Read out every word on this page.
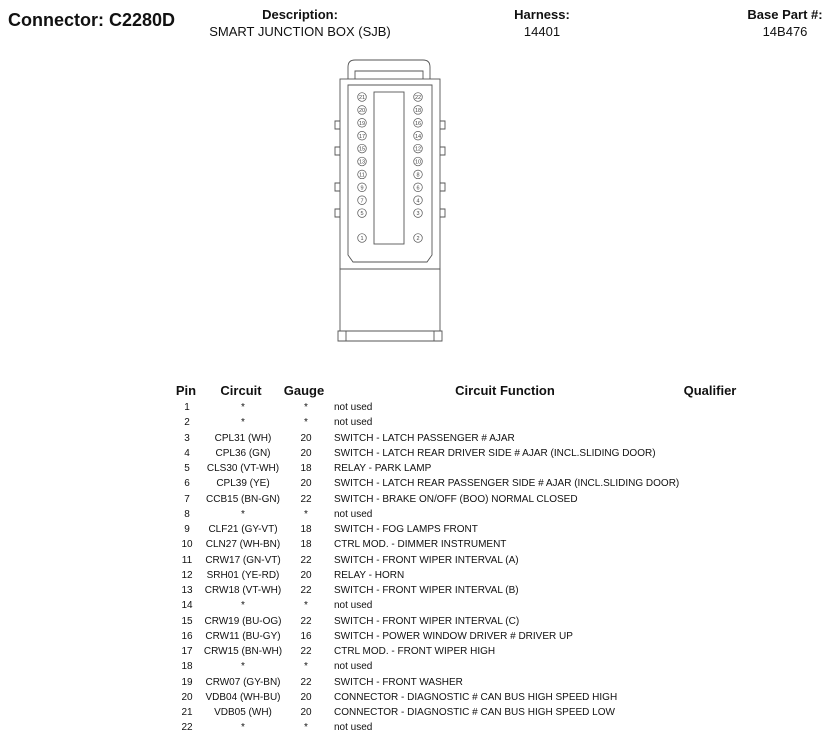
Connector: C2280D	Description:
SMART JUNCTION BOX (SJB)
Harness:
14401
Base Part #:
14B476
21
20
19
17
15
13
11
9
7
5
1
22
18
16
14
12
10
8
6
4
3
2
Pin	Circuit	Gauge	Circuit Function	Qualifier
1	*	*	not used
2	*	*	not used
3	CPL31 (WH)	20	SWITCH - LATCH PASSENGER # AJAR
4	CPL36 (GN)	20	SWITCH - LATCH REAR DRIVER SIDE # AJAR (INCL.SLIDING DOOR)
5	CLS30 (VT-WH)	18	RELAY - PARK LAMP
6	CPL39 (YE)	20	SWITCH - LATCH REAR PASSENGER SIDE # AJAR (INCL.SLIDING DOOR)
7	CCB15 (BN-GN)	22	SWITCH - BRAKE ON/OFF (BOO) NORMAL CLOSED
8	*	*	not used
9	CLF21 (GY-VT)	18	SWITCH - FOG LAMPS FRONT
10	CLN27 (WH-BN)	18	CTRL MOD. - DIMMER INSTRUMENT
11	CRW17 (GN-VT)	22	SWITCH - FRONT WIPER INTERVAL (A)
12	SRH01 (YE-RD)	20	RELAY - HORN
13	CRW18 (VT-WH)	22	SWITCH - FRONT WIPER INTERVAL (B)
14	*	*	not used
15	CRW19 (BU-OG)	22	SWITCH - FRONT WIPER INTERVAL (C)
16	CRW11 (BU-GY)	16	SWITCH - POWER WINDOW DRIVER # DRIVER UP
17	CRW15 (BN-WH)	22	CTRL MOD. - FRONT WIPER HIGH
18	*	*	not used
19	CRW07 (GY-BN)	22	SWITCH - FRONT WASHER
20	VDB04 (WH-BU)	20	CONNECTOR - DIAGNOSTIC # CAN BUS HIGH SPEED HIGH
21	VDB05 (WH)	20	CONNECTOR - DIAGNOSTIC # CAN BUS HIGH SPEED LOW
22	*	*	not used
